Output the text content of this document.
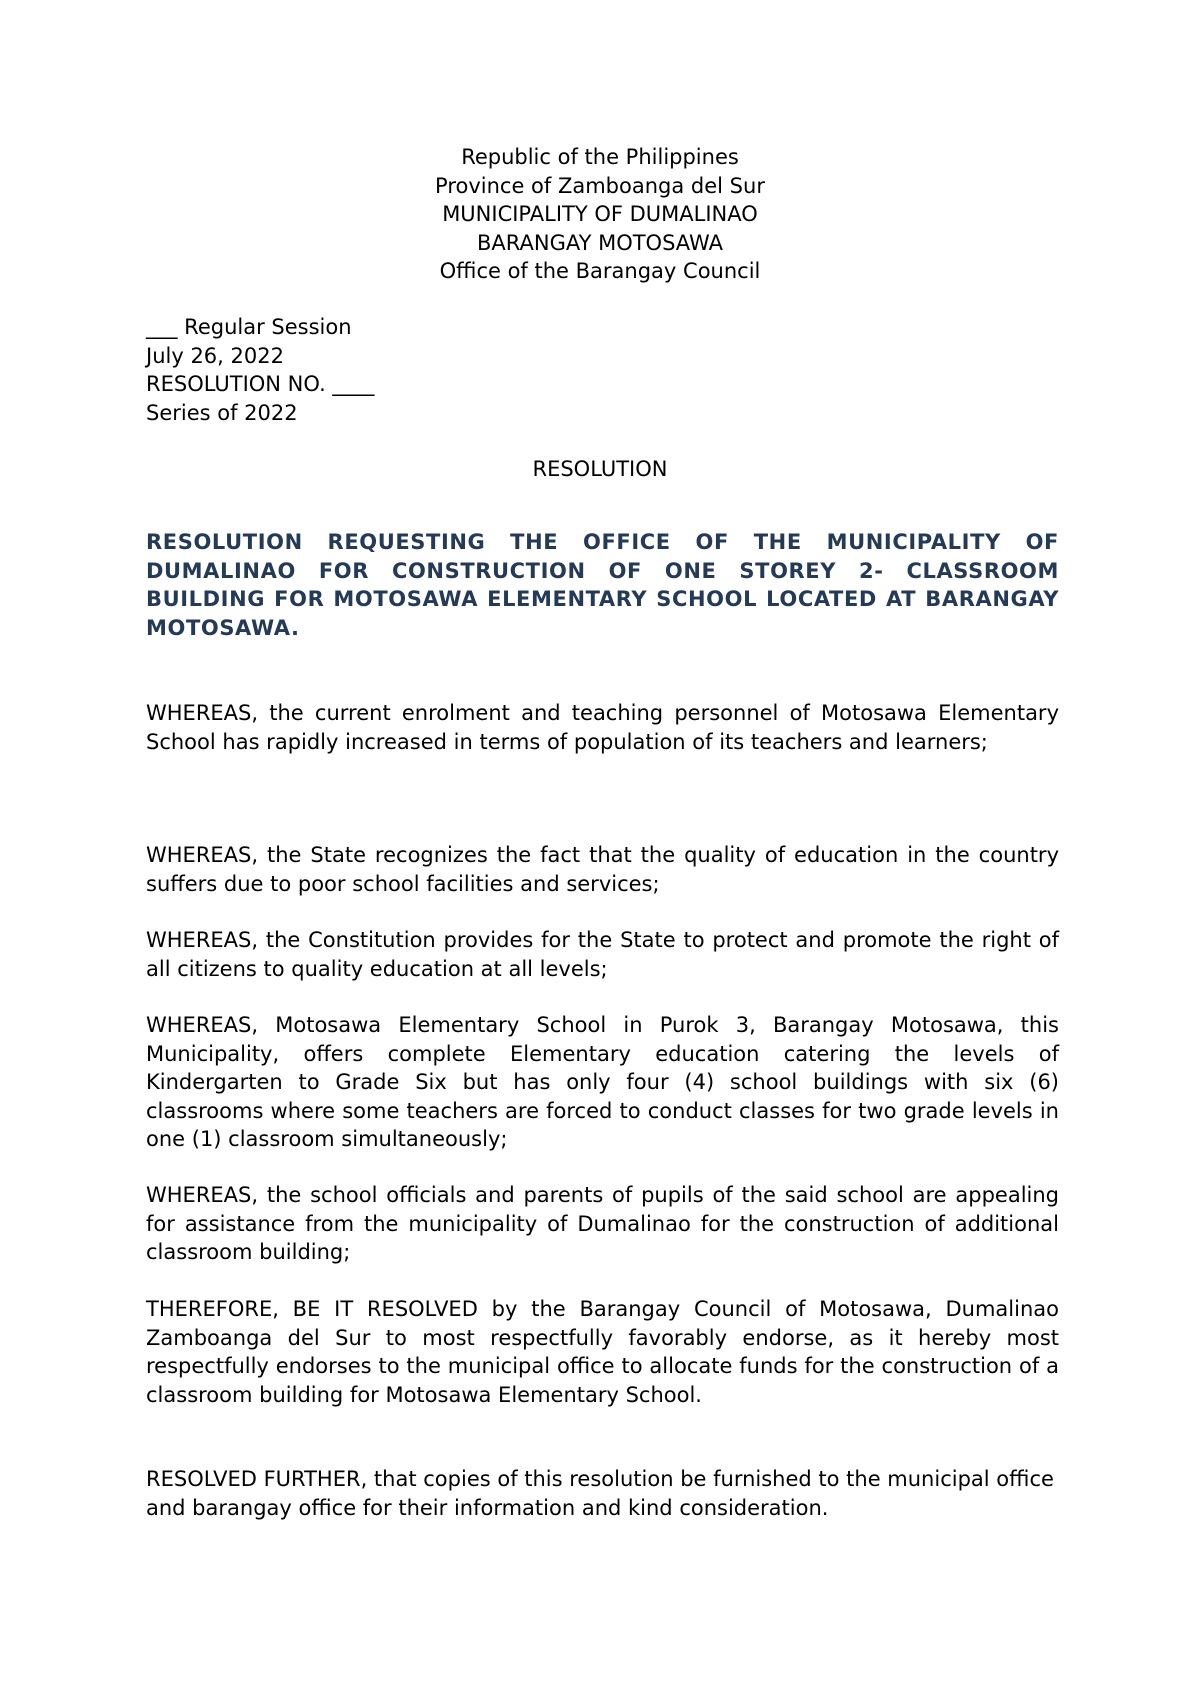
Republic of the Philippines
Province of Zamboanga del Sur
MUNICIPALITY OF DUMALINAO
BARANGAY MOTOSAWA
Office of the Barangay Council
___ Regular Session
July 26, 2022
RESOLUTION NO. ____
Series of 2022
RESOLUTION
RESOLUTION REQUESTING THE OFFICE OF THE MUNICIPALITY OF DUMALINAO FOR CONSTRUCTION OF ONE STOREY 2- CLASSROOM BUILDING FOR MOTOSAWA ELEMENTARY SCHOOL LOCATED AT BARANGAY MOTOSAWA.
WHEREAS, the current enrolment and teaching personnel of Motosawa Elementary School has rapidly increased in terms of population of its teachers and learners;
WHEREAS, the State recognizes the fact that the quality of education in the country suffers due to poor school facilities and services;
WHEREAS, the Constitution provides for the State to protect and promote the right of all citizens to quality education at all levels;
WHEREAS, Motosawa Elementary School in Purok 3, Barangay Motosawa, this Municipality, offers complete Elementary education catering the levels of Kindergarten to Grade Six but has only four (4) school buildings with six (6) classrooms where some teachers are forced to conduct classes for two grade levels in one (1) classroom simultaneously;
WHEREAS, the school officials and parents of pupils of the said school are appealing for assistance from the municipality of Dumalinao for the construction of additional classroom building;
THEREFORE, BE IT RESOLVED by the Barangay Council of Motosawa, Dumalinao Zamboanga del Sur to most respectfully favorably endorse, as it hereby most respectfully endorses to the municipal office to allocate funds for the construction of a classroom building for Motosawa Elementary School.
RESOLVED FURTHER, that copies of this resolution be furnished to the municipal office and barangay office for their information and kind consideration.
